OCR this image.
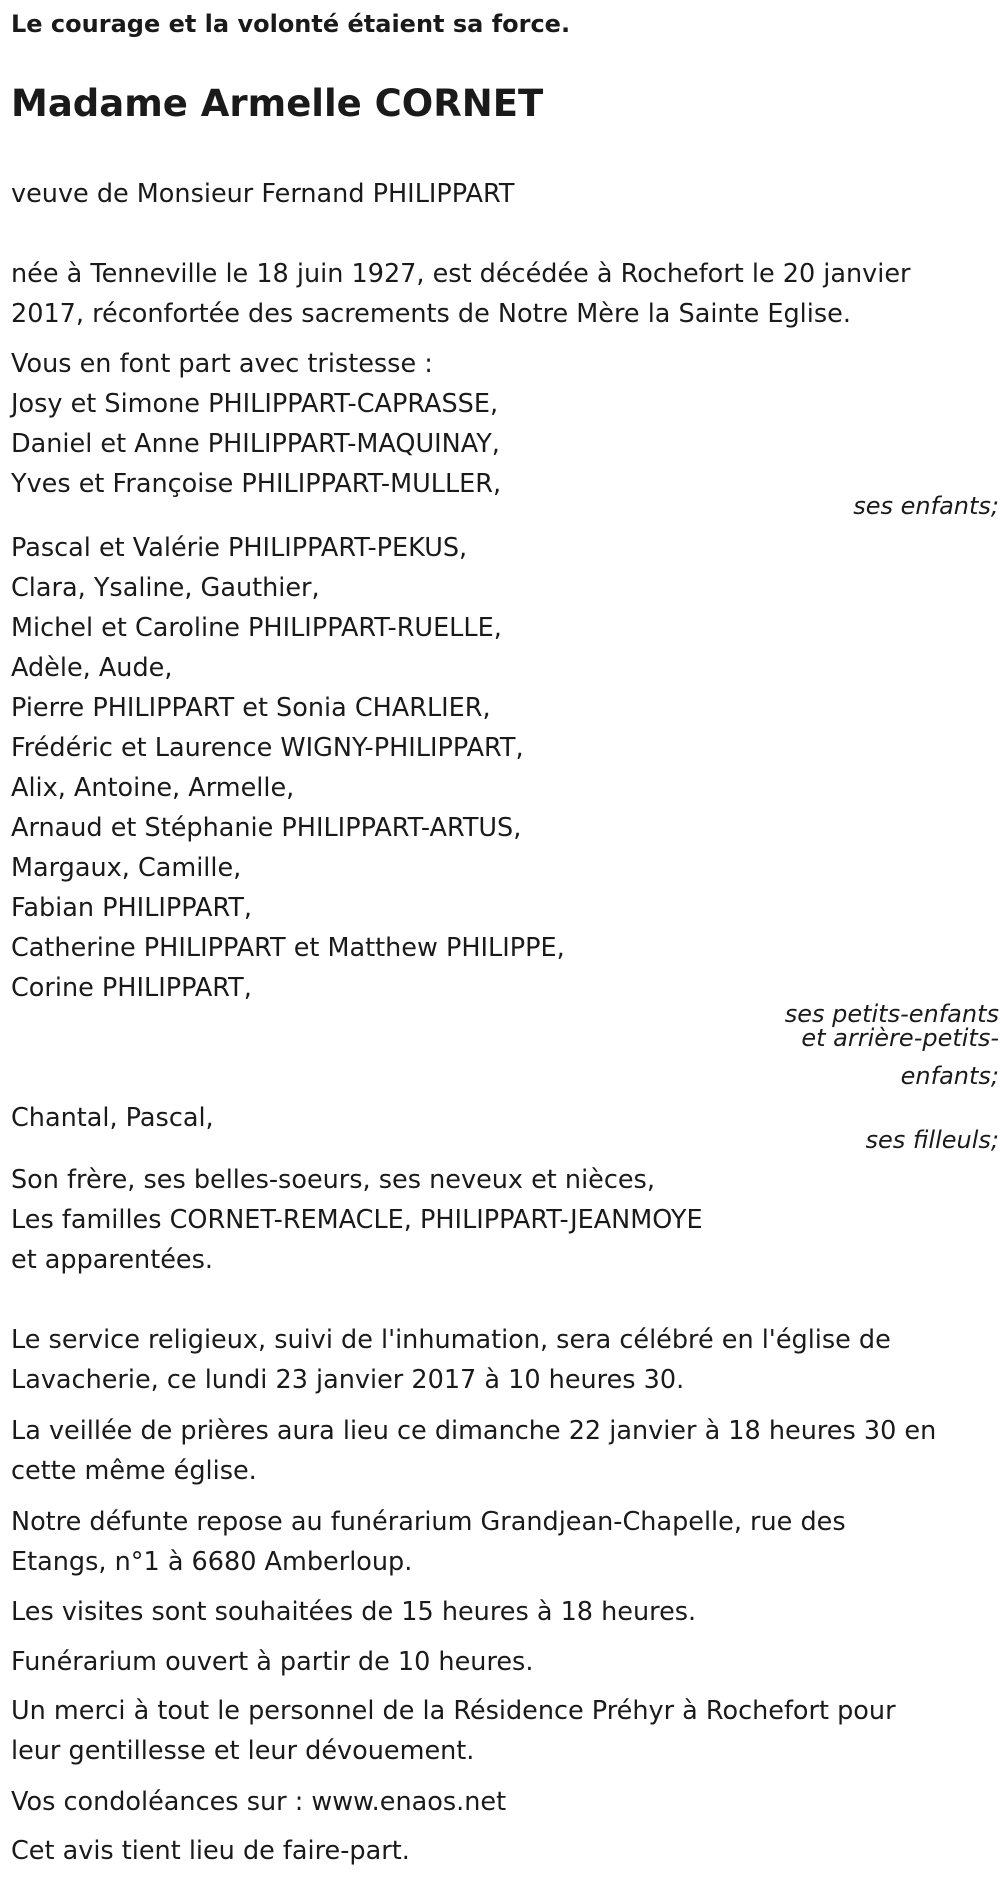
Le courage et la volonté étaient sa force.
Madame Armelle CORNET
veuve de Monsieur Fernand PHILIPPART
née à Tenneville le 18 juin 1927, est décédée à Rochefort le 20 janvier
2017, réconfortée des sacrements de Notre Mère la Sainte Eglise.
Vous en font part avec tristesse :
Josy et Simone PHILIPPART-CAPRASSE,
Daniel et Anne PHILIPPART-MAQUINAY,
Yves et Françoise PHILIPPART-MULLER,
ses enfants;
Pascal et Valérie PHILIPPART-PEKUS,
Clara, Ysaline, Gauthier,
Michel et Caroline PHILIPPART-RUELLE,
Adèle, Aude,
Pierre PHILIPPART et Sonia CHARLIER,
Frédéric et Laurence WIGNY-PHILIPPART,
Alix, Antoine, Armelle,
Arnaud et Stéphanie PHILIPPART-ARTUS,
Margaux, Camille,
Fabian PHILIPPART,
Catherine PHILIPPART et Matthew PHILIPPE,
Corine PHILIPPART,
ses petits-enfants
et arrière-petits-
enfants;
Chantal, Pascal,
ses filleuls;
Son frère, ses belles-soeurs, ses neveux et nièces,
Les familles CORNET-REMACLE, PHILIPPART-JEANMOYE
et apparentées.
Le service religieux, suivi de l'inhumation, sera célébré en l'église de
Lavacherie, ce lundi 23 janvier 2017 à 10 heures 30.
La veillée de prières aura lieu ce dimanche 22 janvier à 18 heures 30 en
cette même église.
Notre défunte repose au funérarium Grandjean-Chapelle, rue des
Etangs, n°1 à 6680 Amberloup.
Les visites sont souhaitées de 15 heures à 18 heures.
Funérarium ouvert à partir de 10 heures.
Un merci à tout le personnel de la Résidence Préhyr à Rochefort pour
leur gentillesse et leur dévouement.
Vos condoléances sur : www.enaos.net
Cet avis tient lieu de faire-part.
